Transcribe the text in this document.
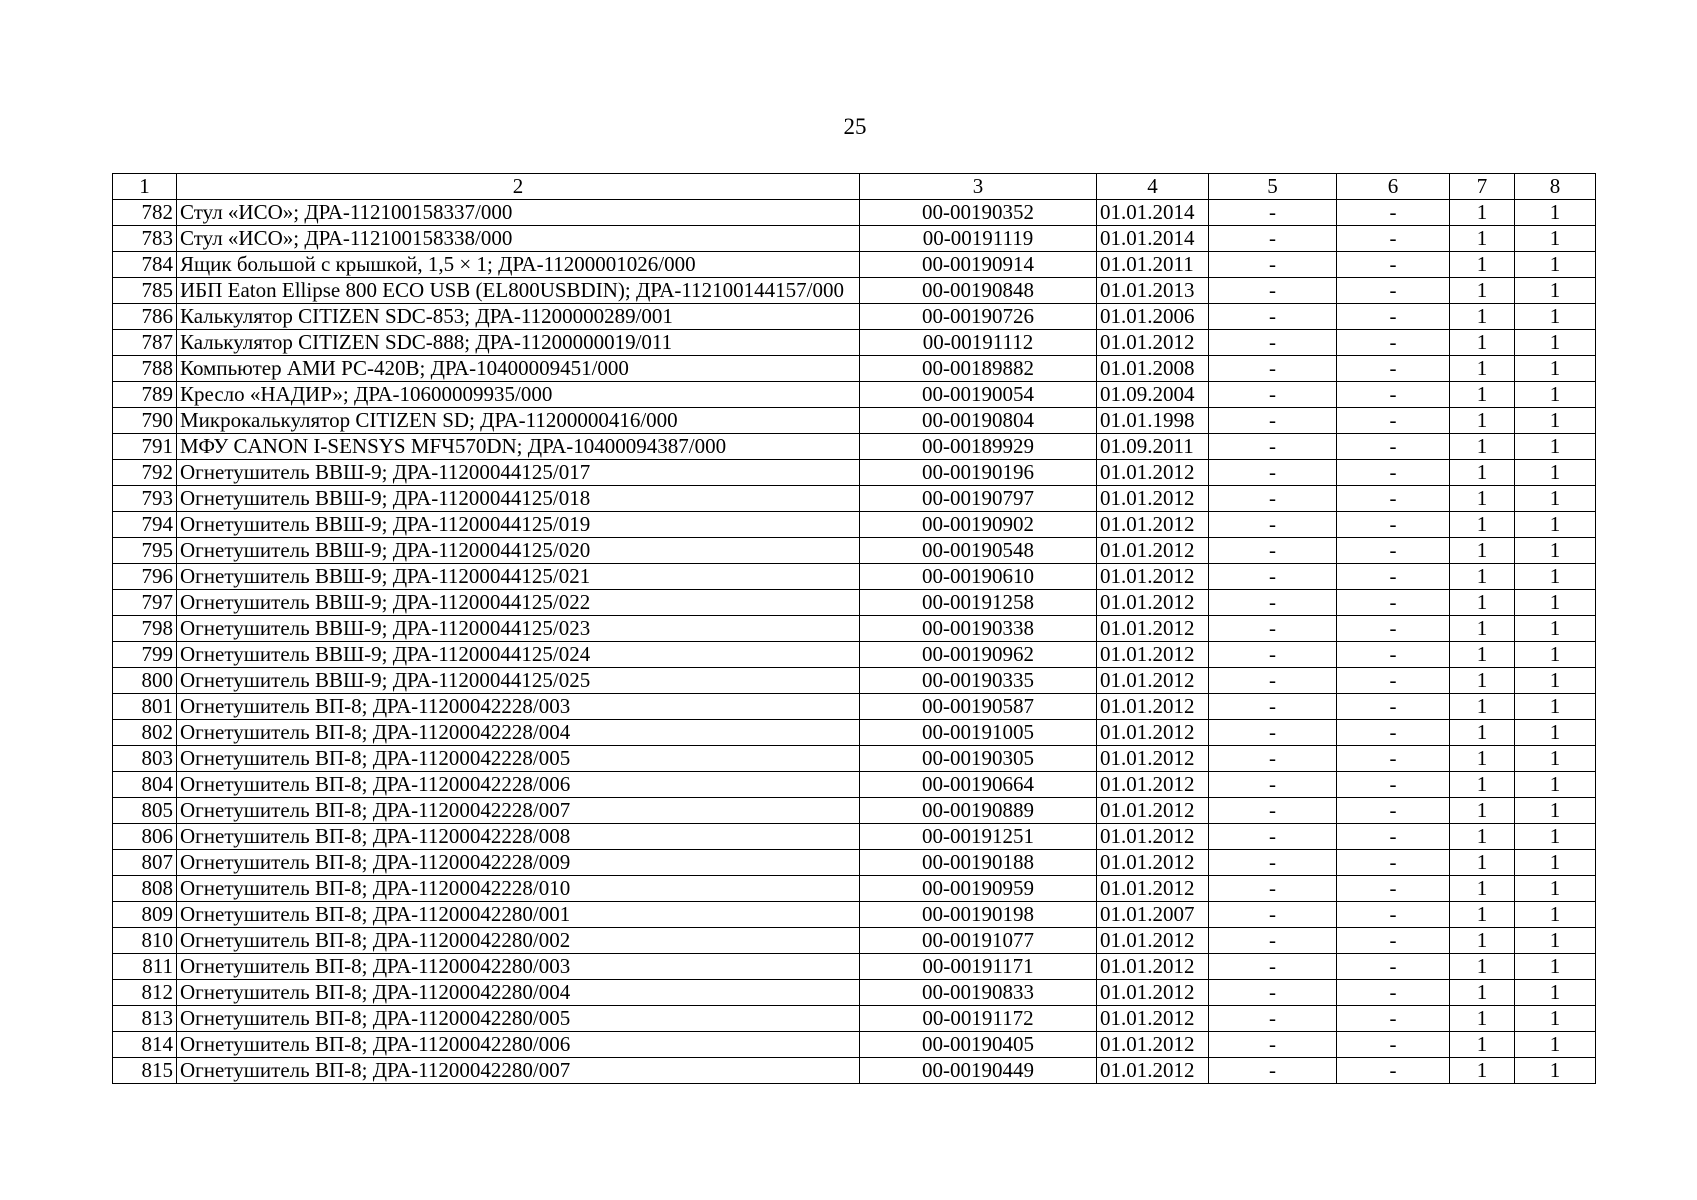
25
1	2	3	4	5	6	7	8
782	Стул «ИСО»; ДРА-112100158337/000	00-00190352	01.01.2014	-	-	1	1
783	Стул «ИСО»; ДРА-112100158338/000	00-00191119	01.01.2014	-	-	1	1
784	Ящик большой с крышкой, 1,5 × 1; ДРА-11200001026/000	00-00190914	01.01.2011	-	-	1	1
785	ИБП Eaton Ellipse 800 ECO USB (EL800USBDIN); ДРА-112100144157/000	00-00190848	01.01.2013	-	-	1	1
786	Калькулятор CITIZEN SDC-853; ДРА-11200000289/001	00-00190726	01.01.2006	-	-	1	1
787	Калькулятор CITIZEN SDC-888; ДРА-11200000019/011	00-00191112	01.01.2012	-	-	1	1
788	Компьютер АМИ РС-420В; ДРА-10400009451/000	00-00189882	01.01.2008	-	-	1	1
789	Кресло «НАДИР»; ДРА-10600009935/000	00-00190054	01.09.2004	-	-	1	1
790	Микрокалькулятор CITIZEN SD; ДРА-11200000416/000	00-00190804	01.01.1998	-	-	1	1
791	МФУ CANON I-SENSYS MFЧ570DN; ДРА-10400094387/000	00-00189929	01.09.2011	-	-	1	1
792	Огнетушитель ВВШ-9; ДРА-11200044125/017	00-00190196	01.01.2012	-	-	1	1
793	Огнетушитель ВВШ-9; ДРА-11200044125/018	00-00190797	01.01.2012	-	-	1	1
794	Огнетушитель ВВШ-9; ДРА-11200044125/019	00-00190902	01.01.2012	-	-	1	1
795	Огнетушитель ВВШ-9; ДРА-11200044125/020	00-00190548	01.01.2012	-	-	1	1
796	Огнетушитель ВВШ-9; ДРА-11200044125/021	00-00190610	01.01.2012	-	-	1	1
797	Огнетушитель ВВШ-9; ДРА-11200044125/022	00-00191258	01.01.2012	-	-	1	1
798	Огнетушитель ВВШ-9; ДРА-11200044125/023	00-00190338	01.01.2012	-	-	1	1
799	Огнетушитель ВВШ-9; ДРА-11200044125/024	00-00190962	01.01.2012	-	-	1	1
800	Огнетушитель ВВШ-9; ДРА-11200044125/025	00-00190335	01.01.2012	-	-	1	1
801	Огнетушитель ВП-8; ДРА-11200042228/003	00-00190587	01.01.2012	-	-	1	1
802	Огнетушитель ВП-8; ДРА-11200042228/004	00-00191005	01.01.2012	-	-	1	1
803	Огнетушитель ВП-8; ДРА-11200042228/005	00-00190305	01.01.2012	-	-	1	1
804	Огнетушитель ВП-8; ДРА-11200042228/006	00-00190664	01.01.2012	-	-	1	1
805	Огнетушитель ВП-8; ДРА-11200042228/007	00-00190889	01.01.2012	-	-	1	1
806	Огнетушитель ВП-8; ДРА-11200042228/008	00-00191251	01.01.2012	-	-	1	1
807	Огнетушитель ВП-8; ДРА-11200042228/009	00-00190188	01.01.2012	-	-	1	1
808	Огнетушитель ВП-8; ДРА-11200042228/010	00-00190959	01.01.2012	-	-	1	1
809	Огнетушитель ВП-8; ДРА-11200042280/001	00-00190198	01.01.2007	-	-	1	1
810	Огнетушитель ВП-8; ДРА-11200042280/002	00-00191077	01.01.2012	-	-	1	1
811	Огнетушитель ВП-8; ДРА-11200042280/003	00-00191171	01.01.2012	-	-	1	1
812	Огнетушитель ВП-8; ДРА-11200042280/004	00-00190833	01.01.2012	-	-	1	1
813	Огнетушитель ВП-8; ДРА-11200042280/005	00-00191172	01.01.2012	-	-	1	1
814	Огнетушитель ВП-8; ДРА-11200042280/006	00-00190405	01.01.2012	-	-	1	1
815	Огнетушитель ВП-8; ДРА-11200042280/007	00-00190449	01.01.2012	-	-	1	1
